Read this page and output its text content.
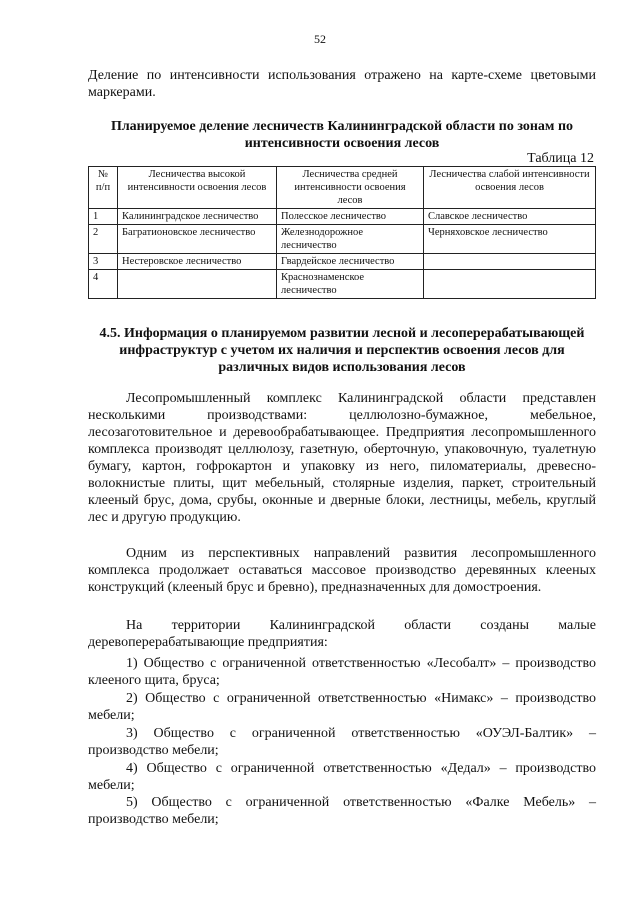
52

Деление по интенсивности использования отражено на карте-схеме цветовыми маркерами.

Планируемое деление лесничеств Калининградской области по зонам по интенсивности освоения лесов

Таблица 12
№ п/п	Лесничества высокой интенсивности освоения лесов	Лесничества средней интенсивности освоения лесов	Лесничества слабой интенсивности освоения лесов
1	Калининградское лесничество	Полесское лесничество	Славское лесничество
2	Багратионовское лесничество	Железнодорожное лесничество	Черняховское лесничество
3	Нестеровское лесничество	Гвардейское лесничество	
4		Краснознаменское лесничество	

4.5. Информация о планируемом развитии лесной и лесоперерабатывающей инфраструктур с учетом их наличия и перспектив освоения лесов для различных видов использования лесов

Лесопромышленный комплекс Калининградской области представлен несколькими производствами: целлюлозно-бумажное, мебельное, лесозаготовительное и деревообрабатывающее. Предприятия лесопромышленного комплекса производят целлюлозу, газетную, оберточную, упаковочную, туалетную бумагу, картон, гофрокартон и упаковку из него, пиломатериалы, древесно-волокнистые плиты, щит мебельный, столярные изделия, паркет, строительный клееный брус, дома, срубы, оконные и дверные блоки, лестницы, мебель, круглый лес и другую продукцию.

Одним из перспективных направлений развития лесопромышленного комплекса продолжает оставаться массовое производство деревянных клееных конструкций (клееный брус и бревно), предназначенных для домостроения.

На территории Калининградской области созданы малые деревоперерабатывающие предприятия:

1) Общество с ограниченной ответственностью «Лесобалт» – производство клееного щита, бруса;

2) Общество с ограниченной ответственностью «Нимакс» – производство мебели;

3) Общество с ограниченной ответственностью «ОУЭЛ-Балтик» – производство мебели;

4) Общество с ограниченной ответственностью «Дедал» – производство мебели;

5) Общество с ограниченной ответственностью «Фалке Мебель» – производство мебели;
